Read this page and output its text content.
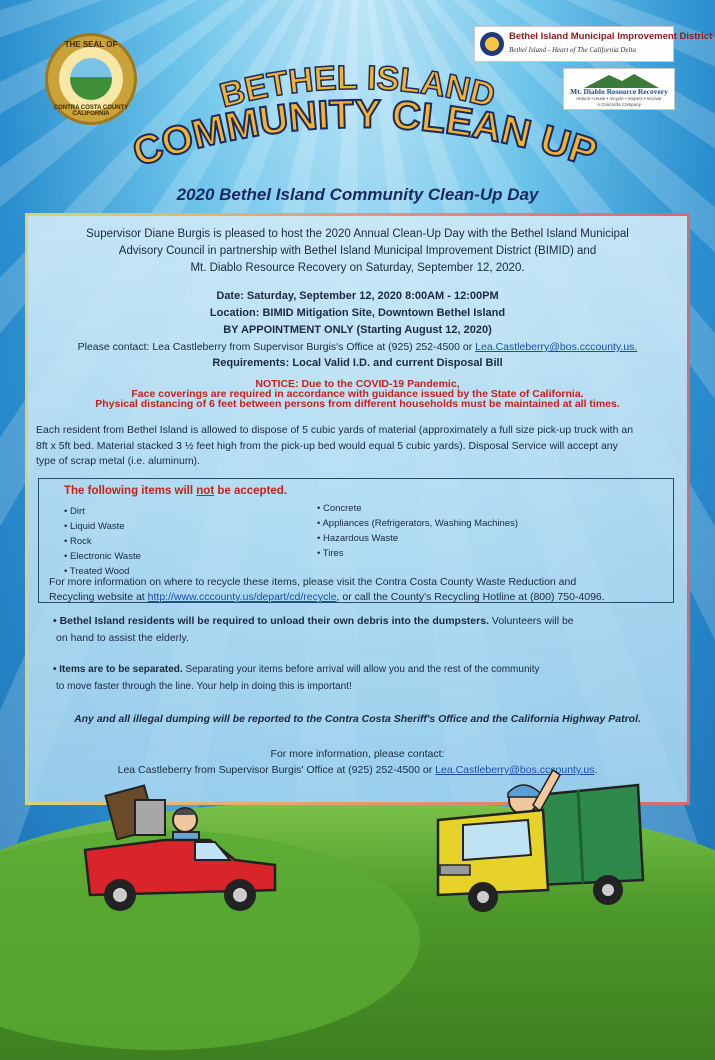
THE SEAL OF
CONTRA COSTA COUNTY CALIFORNIA
Bethel Island Municipal Improvement District
Bethel Island - Heart of The California Delta
Mt. Diablo Resource Recovery
reduce • reuse • recycle • respect • recover
A Concorda Company
BETHEL ISLAND
COMMUNITY CLEAN UP
2020 Bethel Island Community Clean-Up Day
Supervisor Diane Burgis is pleased to host the 2020 Annual Clean-Up Day with the Bethel Island Municipal
Advisory Council in partnership with Bethel Island Municipal Improvement District (BIMID) and
Mt. Diablo Resource Recovery on Saturday, September 12, 2020.
Date: Saturday, September 12, 2020 8:00AM - 12:00PM
Location: BIMID Mitigation Site, Downtown Bethel Island
BY APPOINTMENT ONLY (Starting August 12, 2020)
Please contact: Lea Castleberry from Supervisor Burgis's Office at (925) 252-4500 or Lea.Castleberry@bos.cccounty.us.
Requirements: Local Valid I.D. and current Disposal Bill
NOTICE: Due to the COVID-19 Pandemic,
Face coverings are required in accordance with guidance issued by the State of California.
Physical distancing of 6 feet between persons from different households must be maintained at all times.
Each resident from Bethel Island is allowed to dispose of 5 cubic yards of material (approximately a full size pick-up truck with an
8ft x 5ft bed. Material stacked 3 ½ feet high from the pick-up bed would equal 5 cubic yards). Disposal Service will accept any
type of scrap metal (i.e. aluminum).
The following items will not be accepted.
• Dirt
• Liquid Waste
• Rock
• Electronic Waste
• Treated Wood
• Concrete
• Appliances (Refrigerators, Washing Machines)
• Hazardous Waste
• Tires
For more information on where to recycle these items, please visit the Contra Costa County Waste Reduction and
Recycling website at http://www.cccounty.us/depart/cd/recycle, or call the County's Recycling Hotline at (800) 750-4096.
• Bethel Island residents will be required to unload their own debris into the dumpsters. Volunteers will be
on hand to assist the elderly.
• Items are to be separated. Separating your items before arrival will allow you and the rest of the community
to move faster through the line. Your help in doing this is important!
Any and all illegal dumping will be reported to the Contra Costa Sheriff's Office and the California Highway Patrol.
For more information, please contact:
Lea Castleberry from Supervisor Burgis' Office at (925) 252-4500 or Lea.Castleberry@bos.cccounty.us.
